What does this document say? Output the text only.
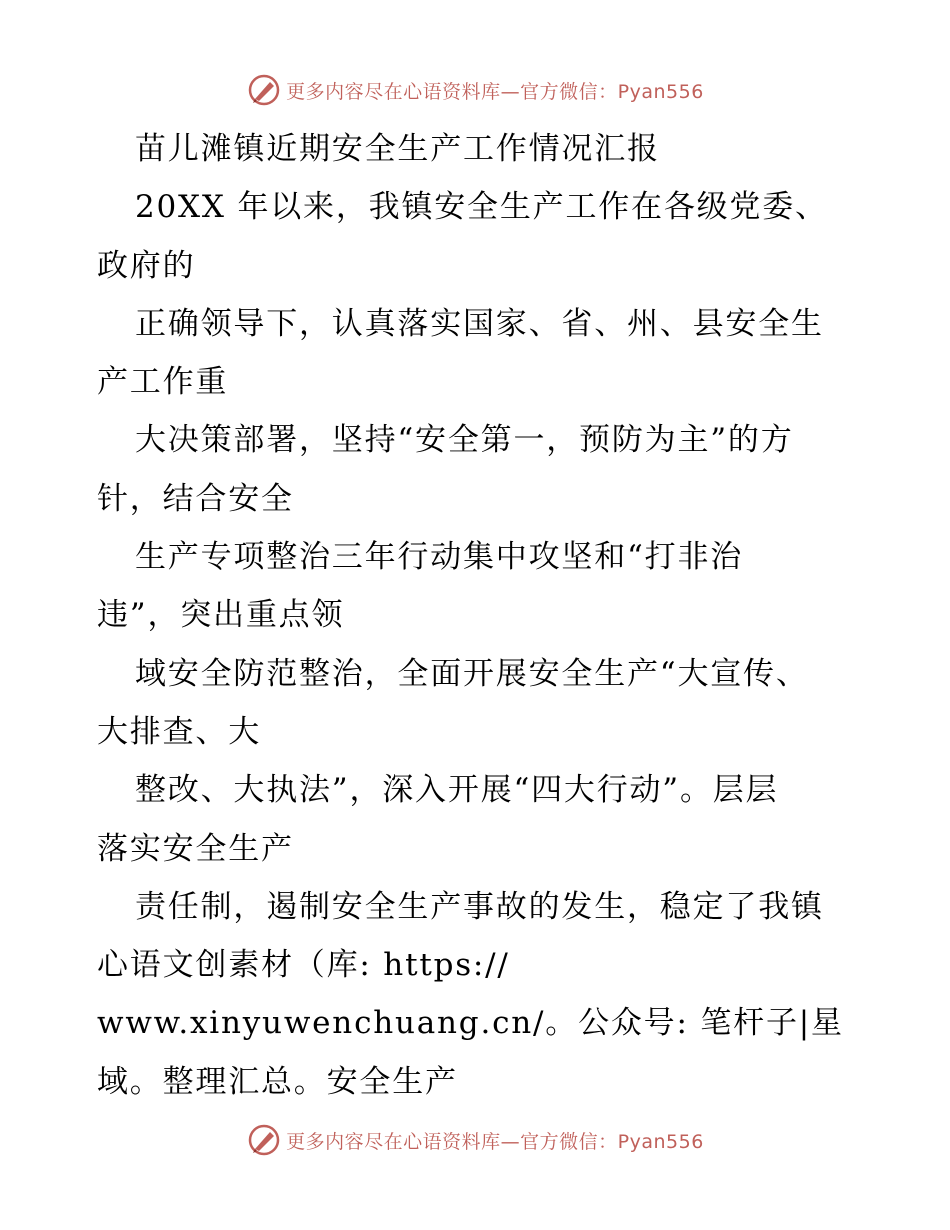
更多内容尽在心语资料库—官方微信：Pyan556
苗儿滩镇近期安全生产工作情况汇报
20XX 年以来，我镇安全生产工作在各级党委、
政府的
正确领导下，认真落实国家、省、州、县安全生
产工作重
大决策部署，坚持“安全第一，预防为主”的方
针，结合安全
生产专项整治三年行动集中攻坚和“打非治
违”，突出重点领
域安全防范整治，全面开展安全生产“大宣传、
大排查、大
整改、大执法”，深入开展“四大行动”。层层
落实安全生产
责任制，遏制安全生产事故的发生，稳定了我镇
心语文创素材（库: https://
www.xinyuwenchuang.cn/。公众号: 笔杆子|星
域。整理汇总。安全生产
更多内容尽在心语资料库—官方微信：Pyan556
